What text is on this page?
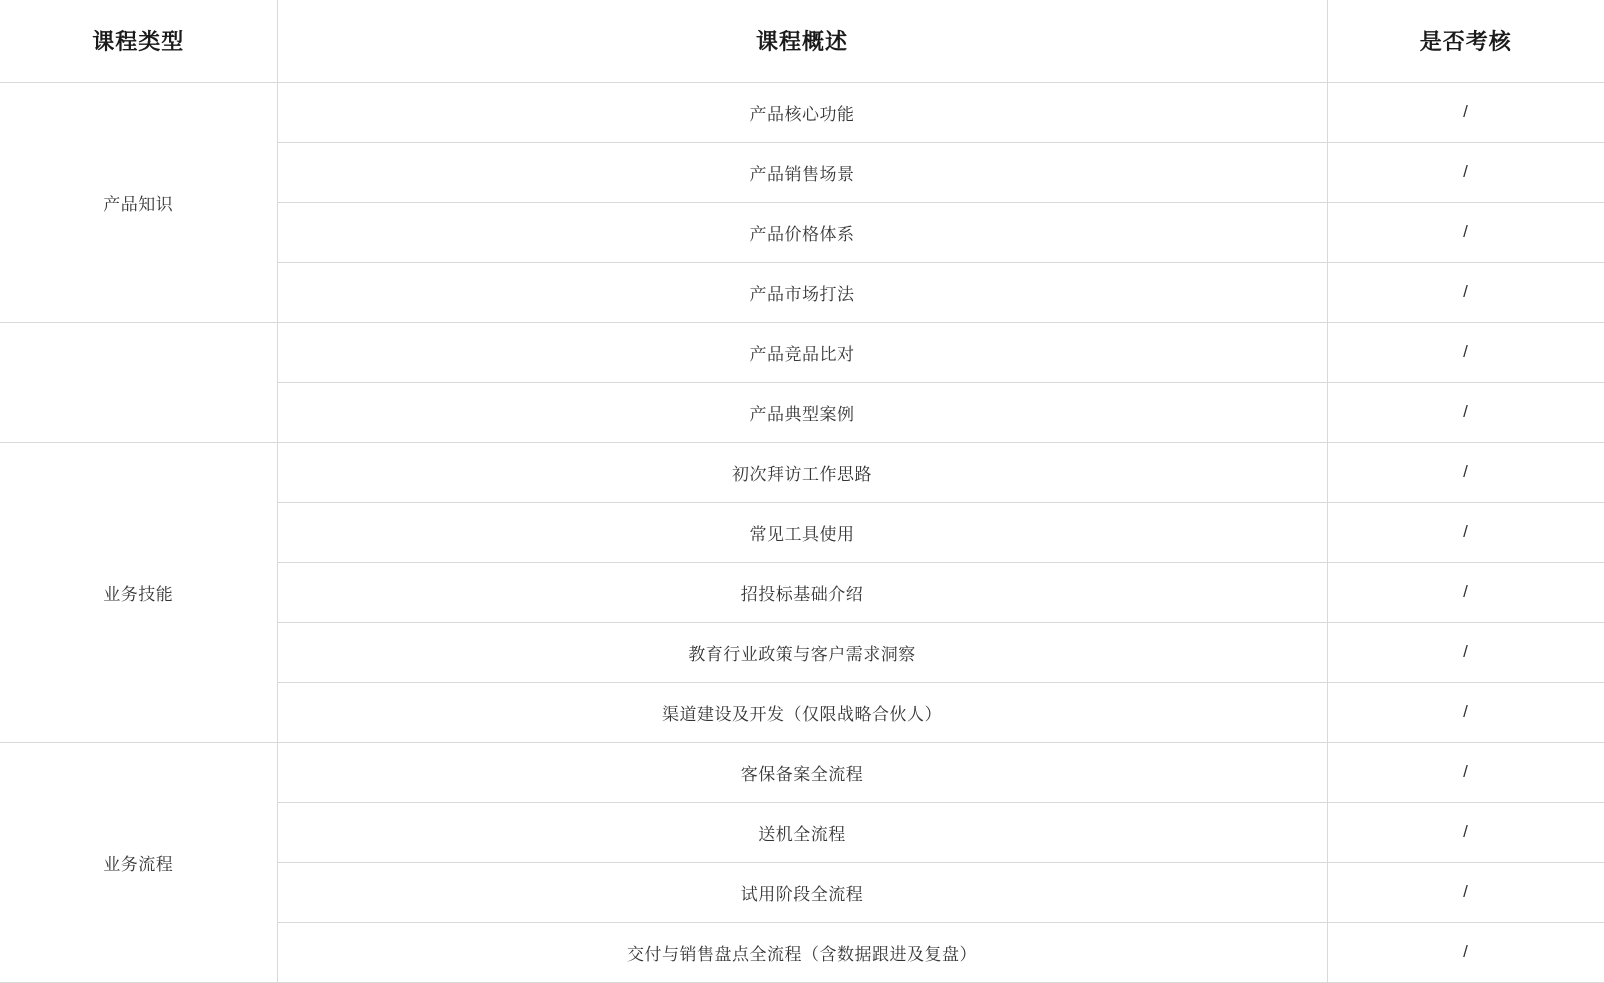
课程类型	课程概述	是否考核
产品知识	产品核心功能	/
	产品销售场景	/
	产品价格体系	/
	产品市场打法	/
	产品竞品比对	/
	产品典型案例	/
业务技能	初次拜访工作思路	/
	常见工具使用	/
	招投标基础介绍	/
	教育行业政策与客户需求洞察	/
	渠道建设及开发（仅限战略合伙人）	/
业务流程	客保备案全流程	/
	送机全流程	/
	试用阶段全流程	/
	交付与销售盘点全流程（含数据跟进及复盘）	/
